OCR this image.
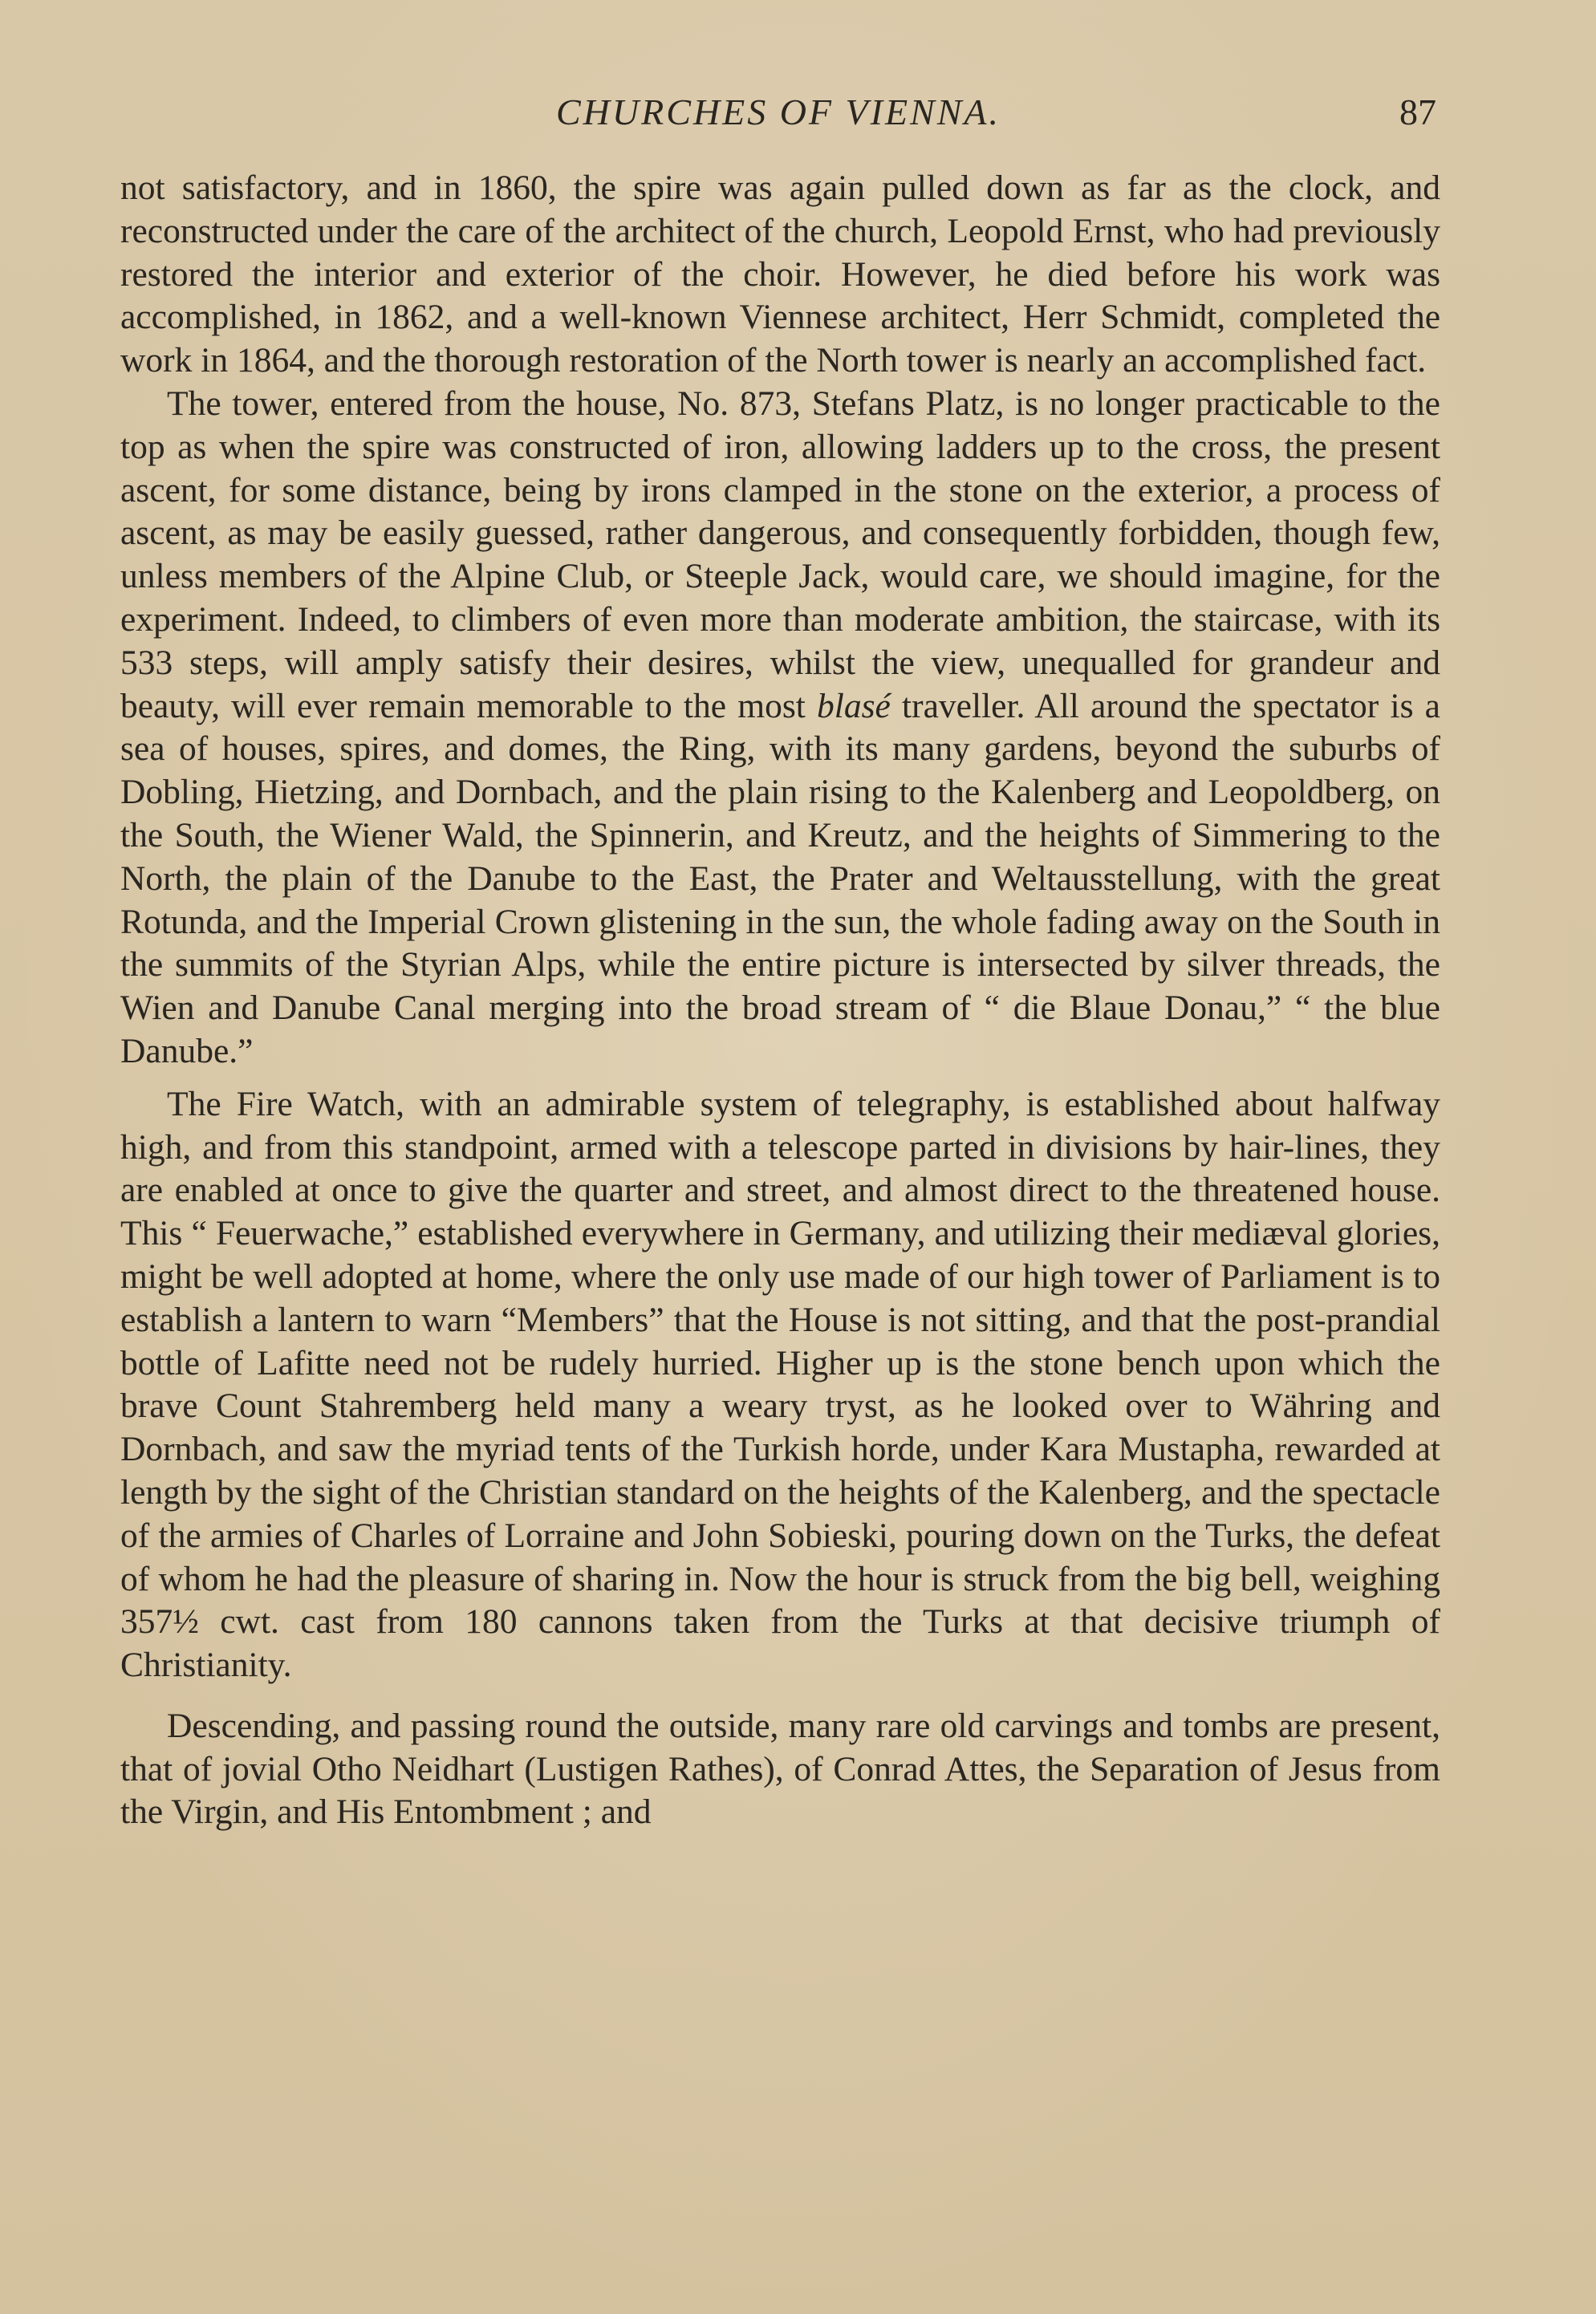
CHURCHES OF VIENNA.	87

not satisfactory, and in 1860, the spire was again pulled down as far as the clock, and reconstructed under the care of the architect of the church, Leopold Ernst, who had previously restored the interior and exterior of the choir. However, he died before his work was accomplished, in 1862, and a well-known Viennese architect, Herr Schmidt, completed the work in 1864, and the thorough restoration of the North tower is nearly an accomplished fact.

The tower, entered from the house, No. 873, Stefans Platz, is no longer practicable to the top as when the spire was constructed of iron, allowing ladders up to the cross, the present ascent, for some distance, being by irons clamped in the stone on the exterior, a process of ascent, as may be easily guessed, rather dangerous, and consequently forbidden, though few, unless members of the Alpine Club, or Steeple Jack, would care, we should imagine, for the experiment. Indeed, to climbers of even more than moderate ambition, the staircase, with its 533 steps, will amply satisfy their desires, whilst the view, unequalled for grandeur and beauty, will ever remain memorable to the most blasé traveller. All around the spectator is a sea of houses, spires, and domes, the Ring, with its many gardens, beyond the suburbs of Dobling, Hietzing, and Dornbach, and the plain rising to the Kalenberg and Leopoldberg, on the South, the Wiener Wald, the Spinnerin, and Kreutz, and the heights of Simmering to the North, the plain of the Danube to the East, the Prater and Weltausstellung, with the great Rotunda, and the Imperial Crown glistening in the sun, the whole fading away on the South in the summits of the Styrian Alps, while the entire picture is intersected by silver threads, the Wien and Danube Canal merging into the broad stream of “ die Blaue Donau,” “ the blue Danube.”

The Fire Watch, with an admirable system of telegraphy, is established about halfway high, and from this standpoint, armed with a telescope parted in divisions by hair-lines, they are enabled at once to give the quarter and street, and almost direct to the threatened house. This “ Feuerwache,” established everywhere in Germany, and utilizing their mediæval glories, might be well adopted at home, where the only use made of our high tower of Parliament is to establish a lantern to warn “Members” that the House is not sitting, and that the post-prandial bottle of Lafitte need not be rudely hurried. Higher up is the stone bench upon which the brave Count Stahremberg held many a weary tryst, as he looked over to Währing and Dornbach, and saw the myriad tents of the Turkish horde, under Kara Mustapha, rewarded at length by the sight of the Christian standard on the heights of the Kalenberg, and the spectacle of the armies of Charles of Lorraine and John Sobieski, pouring down on the Turks, the defeat of whom he had the pleasure of sharing in. Now the hour is struck from the big bell, weighing 357½ cwt. cast from 180 cannons taken from the Turks at that decisive triumph of Christianity.

Descending, and passing round the outside, many rare old carvings and tombs are present, that of jovial Otho Neidhart (Lustigen Rathes), of Conrad Attes, the Separation of Jesus from the Virgin, and His Entombment ; and
